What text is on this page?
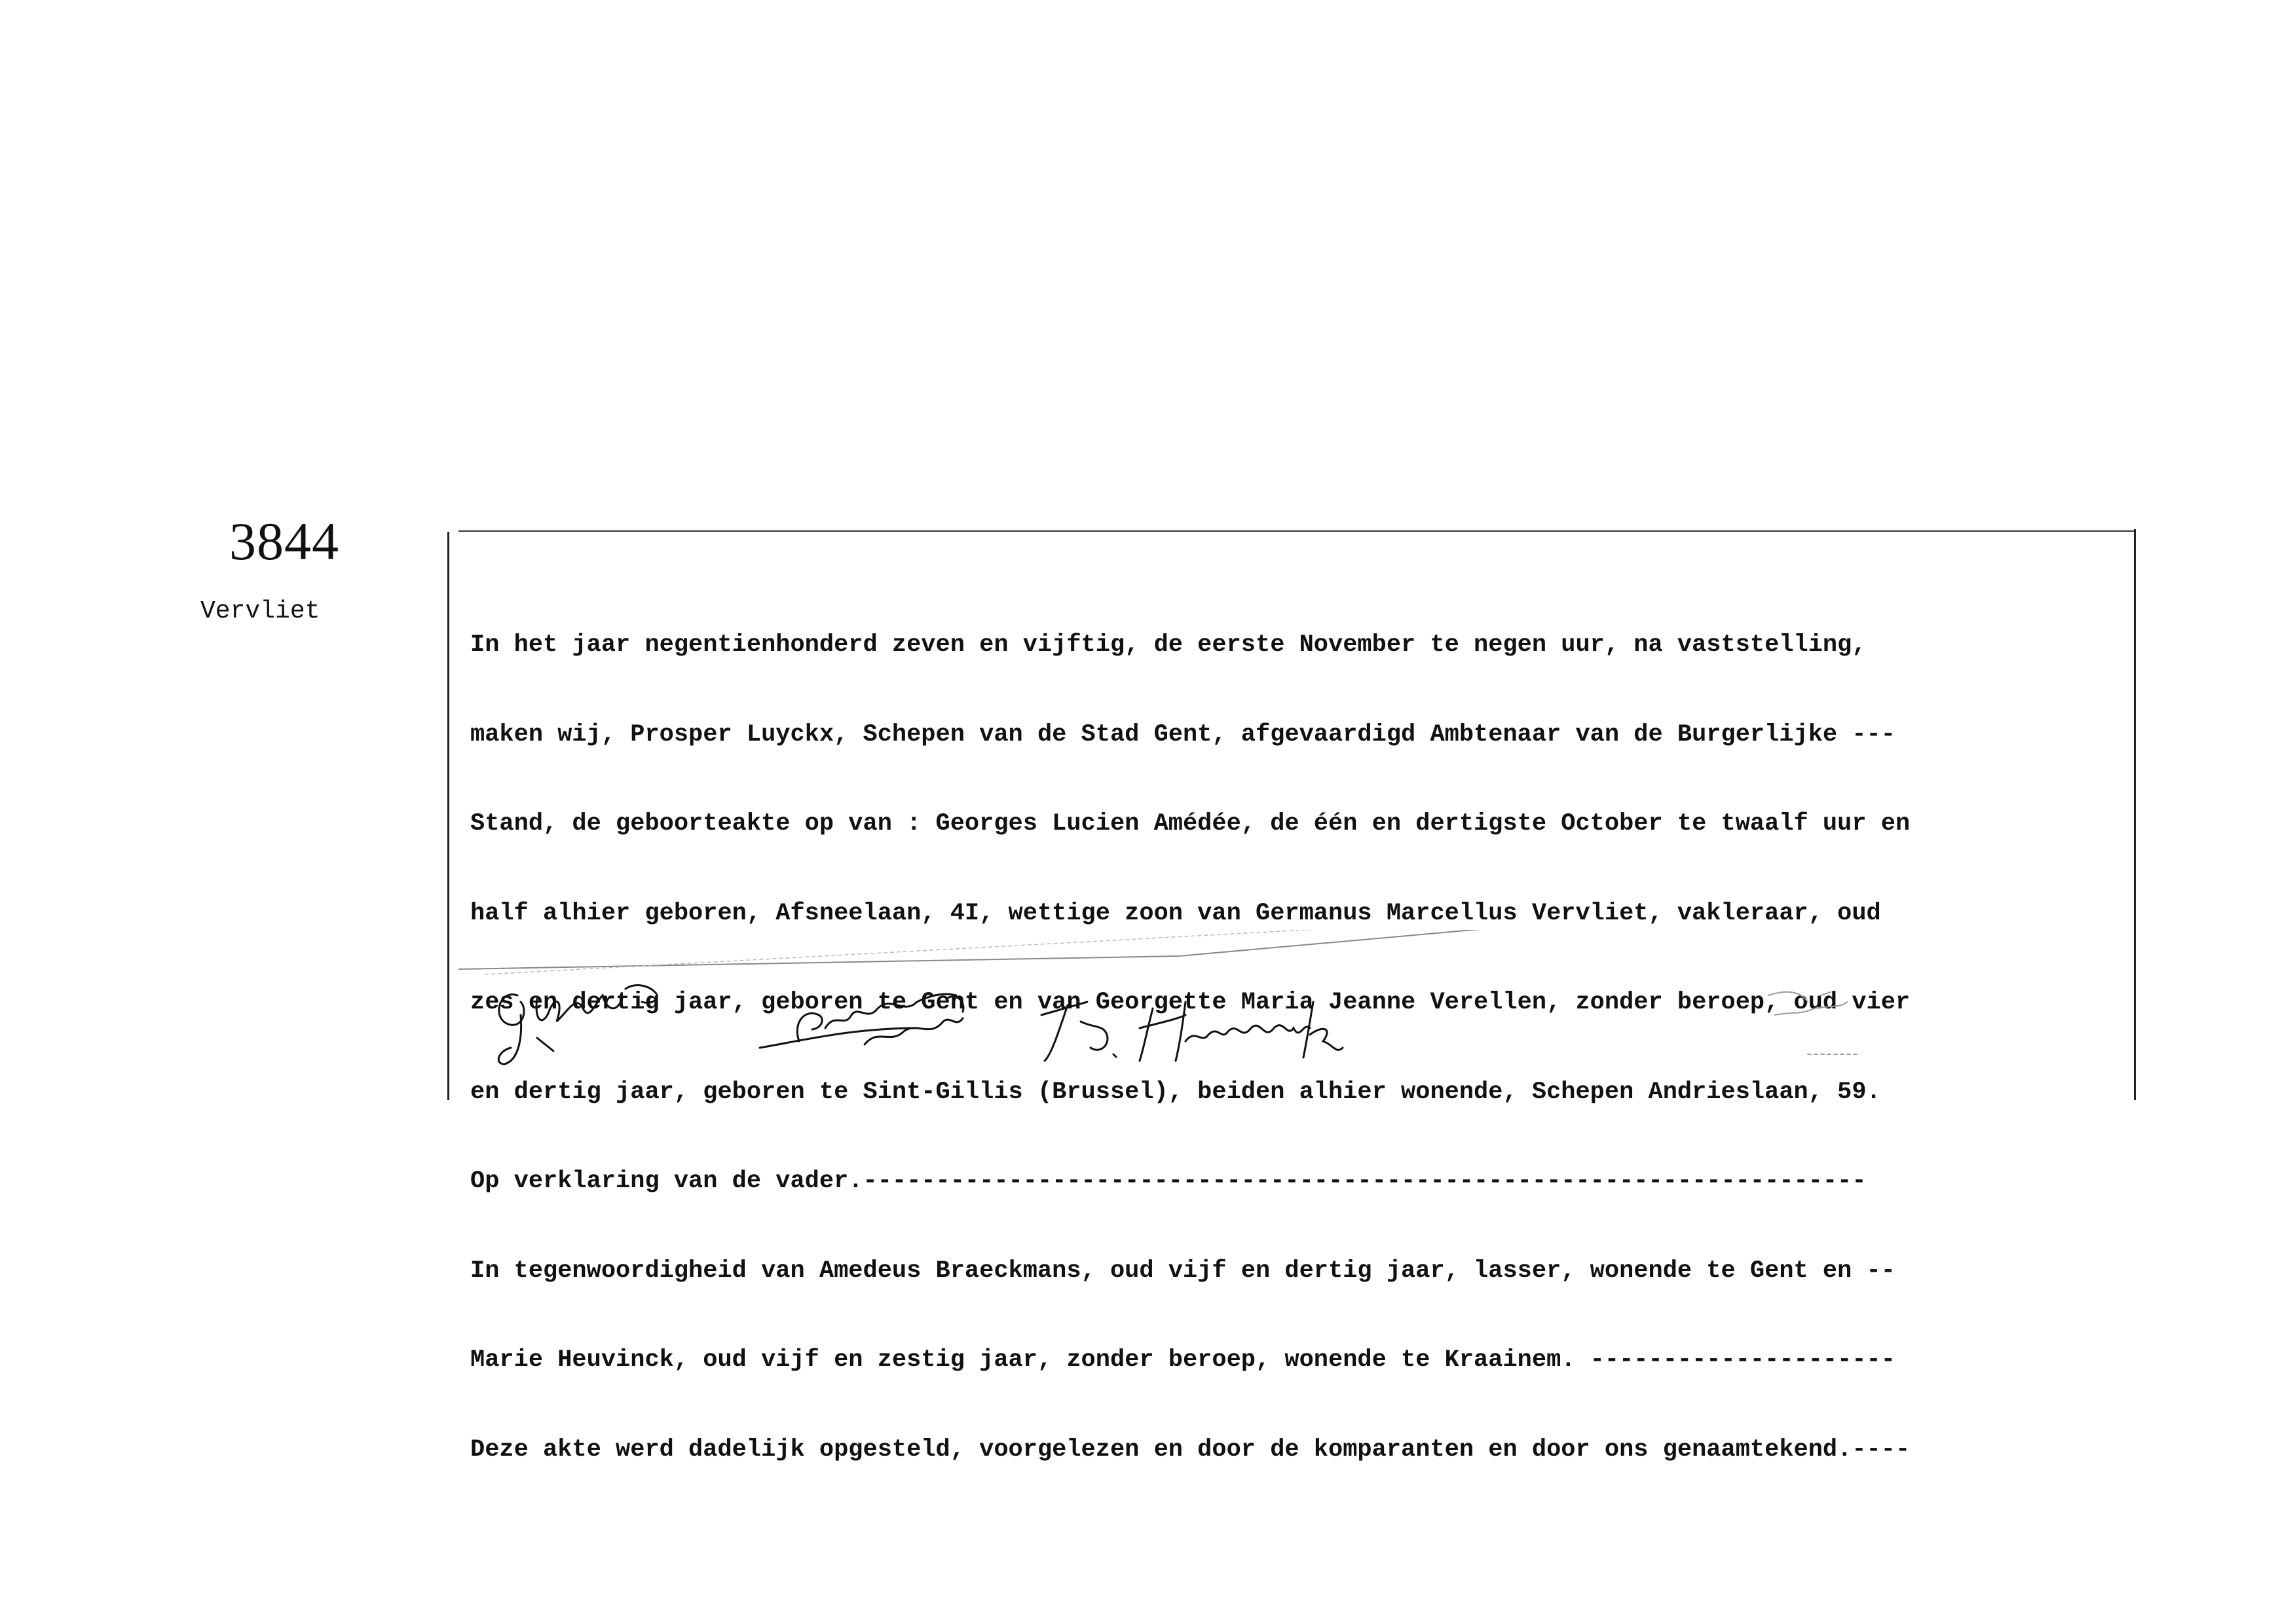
3844
Vervliet

In het jaar negentienhonderd zeven en vijftig, de eerste November te negen uur, na vaststelling,

maken wij, Prosper Luyckx, Schepen van de Stad Gent, afgevaardigd Ambtenaar van de Burgerlijke ---

Stand, de geboorteakte op van : Georges Lucien Amédée, de één en dertigste October te twaalf uur en

half alhier geboren, Afsneelaan, 4I, wettige zoon van Germanus Marcellus Vervliet, vakleraar, oud

zes en dertig jaar, geboren te Gent en van Georgette Maria Jeanne Verellen, zonder beroep, oud vier

en dertig jaar, geboren te Sint-Gillis (Brussel), beiden alhier wonende, Schepen Andrieslaan, 59.

Op verklaring van de vader.---------------------------------------------------------------------

In tegenwoordigheid van Amedeus Braeckmans, oud vijf en dertig jaar, lasser, wonende te Gent en --

Marie Heuvinck, oud vijf en zestig jaar, zonder beroep, wonende te Kraainem. ---------------------

Deze akte werd dadelijk opgesteld, voorgelezen en door de komparanten en door ons genaamtekend.----
